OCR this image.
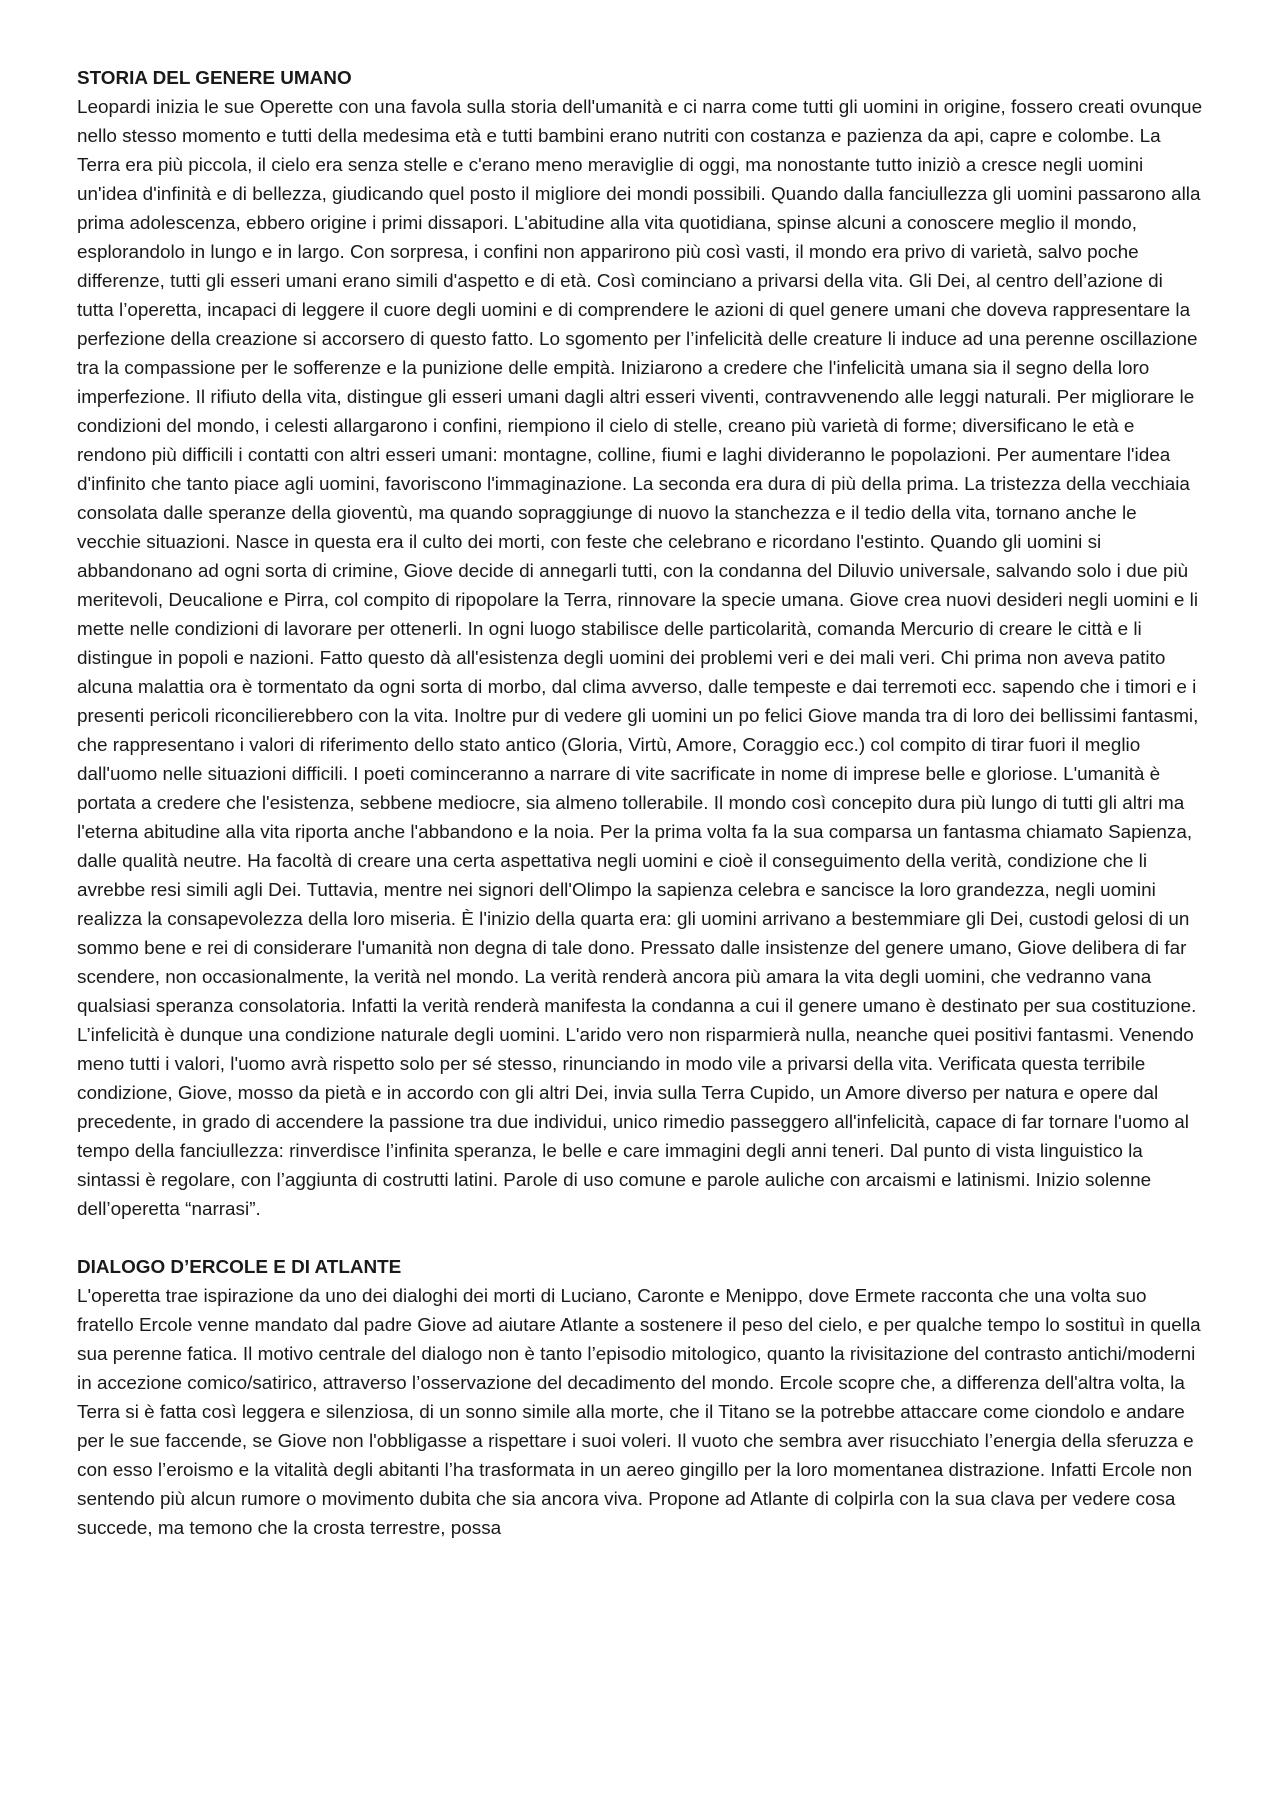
STORIA DEL GENERE UMANO

Leopardi inizia le sue Operette con una favola sulla storia dell'umanità e ci narra come tutti gli uomini in origine, fossero creati ovunque nello stesso momento e tutti della medesima età e tutti bambini erano nutriti con costanza e pazienza da api, capre e colombe. La Terra era più piccola, il cielo era senza stelle e c'erano meno meraviglie di oggi, ma nonostante tutto iniziò a cresce negli uomini un'idea d'infinità e di bellezza, giudicando quel posto il migliore dei mondi possibili. Quando dalla fanciullezza gli uomini passarono alla prima adolescenza, ebbero origine i primi dissapori. L'abitudine alla vita quotidiana, spinse alcuni a conoscere meglio il mondo, esplorandolo in lungo e in largo. Con sorpresa, i confini non apparirono più così vasti, il mondo era privo di varietà, salvo poche differenze, tutti gli esseri umani erano simili d'aspetto e di età. Così cominciano a privarsi della vita. Gli Dei, al centro dell’azione di tutta l’operetta, incapaci di leggere il cuore degli uomini e di comprendere le azioni di quel genere umani che doveva rappresentare la perfezione della creazione si accorsero di questo fatto. Lo sgomento per l’infelicità delle creature li induce ad una perenne oscillazione tra la compassione per le sofferenze e la punizione delle empità. Iniziarono a credere che l'infelicità umana sia il segno della loro imperfezione. Il rifiuto della vita, distingue gli esseri umani dagli altri esseri viventi, contravvenendo alle leggi naturali. Per migliorare le condizioni del mondo, i celesti allargarono i confini, riempiono il cielo di stelle, creano più varietà di forme; diversificano le età e rendono più difficili i contatti con altri esseri umani: montagne, colline, fiumi e laghi divideranno le popolazioni. Per aumentare l'idea d'infinito che tanto piace agli uomini, favoriscono l'immaginazione. La seconda era dura di più della prima. La tristezza della vecchiaia consolata dalle speranze della gioventù, ma quando sopraggiunge di nuovo la stanchezza e il tedio della vita, tornano anche le vecchie situazioni. Nasce in questa era il culto dei morti, con feste che celebrano e ricordano l'estinto. Quando gli uomini si abbandonano ad ogni sorta di crimine, Giove decide di annegarli tutti, con la condanna del Diluvio universale, salvando solo i due più meritevoli, Deucalione e Pirra, col compito di ripopolare la Terra, rinnovare la specie umana. Giove crea nuovi desideri negli uomini e li mette nelle condizioni di lavorare per ottenerli. In ogni luogo stabilisce delle particolarità, comanda Mercurio di creare le città e li distingue in popoli e nazioni. Fatto questo dà all'esistenza degli uomini dei problemi veri e dei mali veri. Chi prima non aveva patito alcuna malattia ora è tormentato da ogni sorta di morbo, dal clima avverso, dalle tempeste e dai terremoti ecc. sapendo che i timori e i presenti pericoli riconcilierebbero con la vita. Inoltre pur di vedere gli uomini un po felici Giove manda tra di loro dei bellissimi fantasmi, che rappresentano i valori di riferimento dello stato antico (Gloria, Virtù, Amore, Coraggio ecc.) col compito di tirar fuori il meglio dall'uomo nelle situazioni difficili. I poeti cominceranno a narrare di vite sacrificate in nome di imprese belle e gloriose. L'umanità è portata a credere che l'esistenza, sebbene mediocre, sia almeno tollerabile. Il mondo così concepito dura più lungo di tutti gli altri ma l'eterna abitudine alla vita riporta anche l'abbandono e la noia. Per la prima volta fa la sua comparsa un fantasma chiamato Sapienza, dalle qualità neutre. Ha facoltà di creare una certa aspettativa negli uomini e cioè il conseguimento della verità, condizione che li avrebbe resi simili agli Dei. Tuttavia, mentre nei signori dell'Olimpo la sapienza celebra e sancisce la loro grandezza, negli uomini realizza la consapevolezza della loro miseria. È l'inizio della quarta era: gli uomini arrivano a bestemmiare gli Dei, custodi gelosi di un sommo bene e rei di considerare l'umanità non degna di tale dono. Pressato dalle insistenze del genere umano, Giove delibera di far scendere, non occasionalmente, la verità nel mondo. La verità renderà ancora più amara la vita degli uomini, che vedranno vana qualsiasi speranza consolatoria. Infatti la verità renderà manifesta la condanna a cui il genere umano è destinato per sua costituzione. L’infelicità è dunque una condizione naturale degli uomini. L'arido vero non risparmierà nulla, neanche quei positivi fantasmi. Venendo meno tutti i valori, l'uomo avrà rispetto solo per sé stesso, rinunciando in modo vile a privarsi della vita. Verificata questa terribile condizione, Giove, mosso da pietà e in accordo con gli altri Dei, invia sulla Terra Cupido, un Amore diverso per natura e opere dal precedente, in grado di accendere la passione tra due individui, unico rimedio passeggero all'infelicità, capace di far tornare l'uomo al tempo della fanciullezza: rinverdisce l’infinita speranza, le belle e care immagini degli anni teneri. Dal punto di vista linguistico la sintassi è regolare, con l’aggiunta di costrutti latini. Parole di uso comune e parole auliche con arcaismi e latinismi. Inizio solenne dell’operetta “narrasi”.

DIALOGO D’ERCOLE E DI ATLANTE

L'operetta trae ispirazione da uno dei dialoghi dei morti di Luciano, Caronte e Menippo, dove Ermete racconta che una volta suo fratello Ercole venne mandato dal padre Giove ad aiutare Atlante a sostenere il peso del cielo, e per qualche tempo lo sostituì in quella sua perenne fatica. Il motivo centrale del dialogo non è tanto l’episodio mitologico, quanto la rivisitazione del contrasto antichi/moderni in accezione comico/satirico, attraverso l’osservazione del decadimento del mondo. Ercole scopre che, a differenza dell'altra volta, la Terra si è fatta così leggera e silenziosa, di un sonno simile alla morte, che il Titano se la potrebbe attaccare come ciondolo e andare per le sue faccende, se Giove non l'obbligasse a rispettare i suoi voleri. Il vuoto che sembra aver risucchiato l’energia della sferuzza e con esso l’eroismo e la vitalità degli abitanti l’ha trasformata in un aereo gingillo per la loro momentanea distrazione. Infatti Ercole non sentendo più alcun rumore o movimento dubita che sia ancora viva. Propone ad Atlante di colpirla con la sua clava per vedere cosa succede, ma temono che la crosta terrestre, possa
